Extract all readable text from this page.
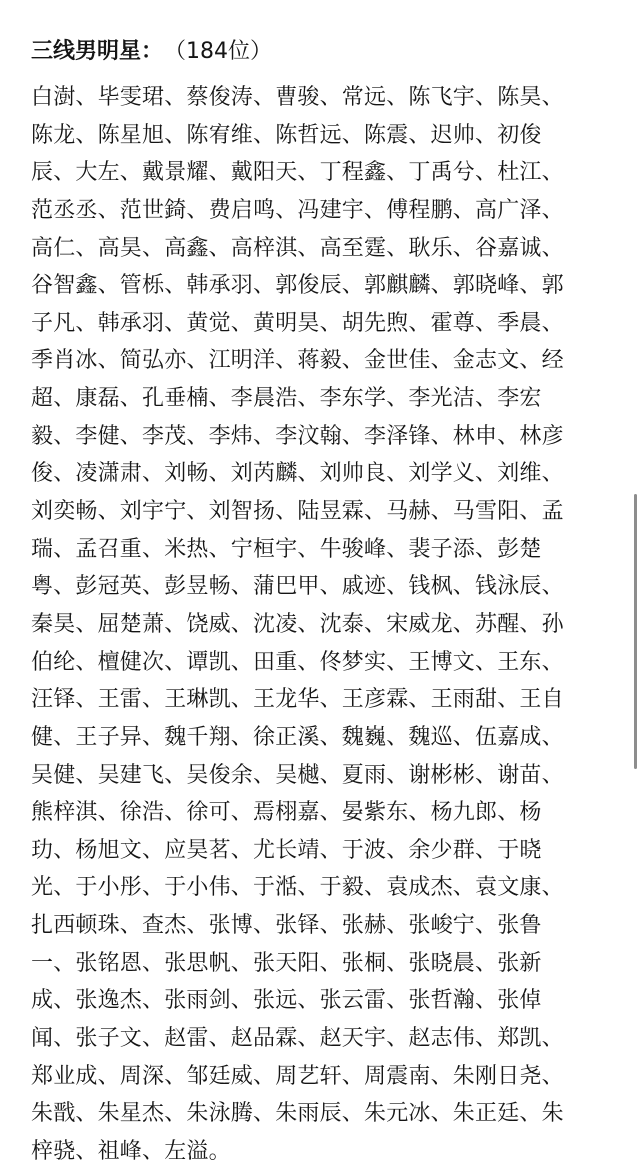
三线男明星： （184位）
白澍、毕雯珺、蔡俊涛、曹骏、常远、陈飞宇、陈昊、
陈龙、陈星旭、陈宥维、陈哲远、陈震、迟帅、初俊
辰、大左、戴景耀、戴阳天、丁程鑫、丁禹兮、杜江、
范丞丞、范世錡、费启鸣、冯建宇、傅程鹏、高广泽、
高仁、高昊、高鑫、高梓淇、高至霆、耿乐、谷嘉诚、
谷智鑫、管栎、韩承羽、郭俊辰、郭麒麟、郭晓峰、郭
子凡、韩承羽、黄觉、黄明昊、胡先煦、霍尊、季晨、
季肖冰、简弘亦、江明洋、蒋毅、金世佳、金志文、经
超、康磊、孔垂楠、李晨浩、李东学、李光洁、李宏
毅、李健、李茂、李炜、李汶翰、李泽锋、林申、林彦
俊、凌潇肃、刘畅、刘芮麟、刘帅良、刘学义、刘维、
刘奕畅、刘宇宁、刘智扬、陆昱霖、马赫、马雪阳、孟
瑞、孟召重、米热、宁桓宇、牛骏峰、裴子添、彭楚
粤、彭冠英、彭昱畅、蒲巴甲、戚迹、钱枫、钱泳辰、
秦昊、屈楚萧、饶威、沈凌、沈泰、宋威龙、苏醒、孙
伯纶、檀健次、谭凯、田重、佟梦实、王博文、王东、
汪铎、王雷、王琳凯、王龙华、王彦霖、王雨甜、王自
健、王子异、魏千翔、徐正溪、魏巍、魏巡、伍嘉成、
吴健、吴建飞、吴俊余、吴樾、夏雨、谢彬彬、谢苗、
熊梓淇、徐浩、徐可、焉栩嘉、晏紫东、杨九郎、杨
玏、杨旭文、应昊茗、尤长靖、于波、余少群、于晓
光、于小彤、于小伟、于湉、于毅、袁成杰、袁文康、
扎西顿珠、查杰、张博、张铎、张赫、张峻宁、张鲁
一、张铭恩、张思帆、张天阳、张桐、张晓晨、张新
成、张逸杰、张雨剑、张远、张云雷、张哲瀚、张倬
闻、张子文、赵雷、赵品霖、赵天宇、赵志伟、郑凯、
郑业成、周深、邹廷威、周艺轩、周震南、朱刚日尧、
朱戬、朱星杰、朱泳腾、朱雨辰、朱元冰、朱正廷、朱
梓骁、祖峰、左溢。
